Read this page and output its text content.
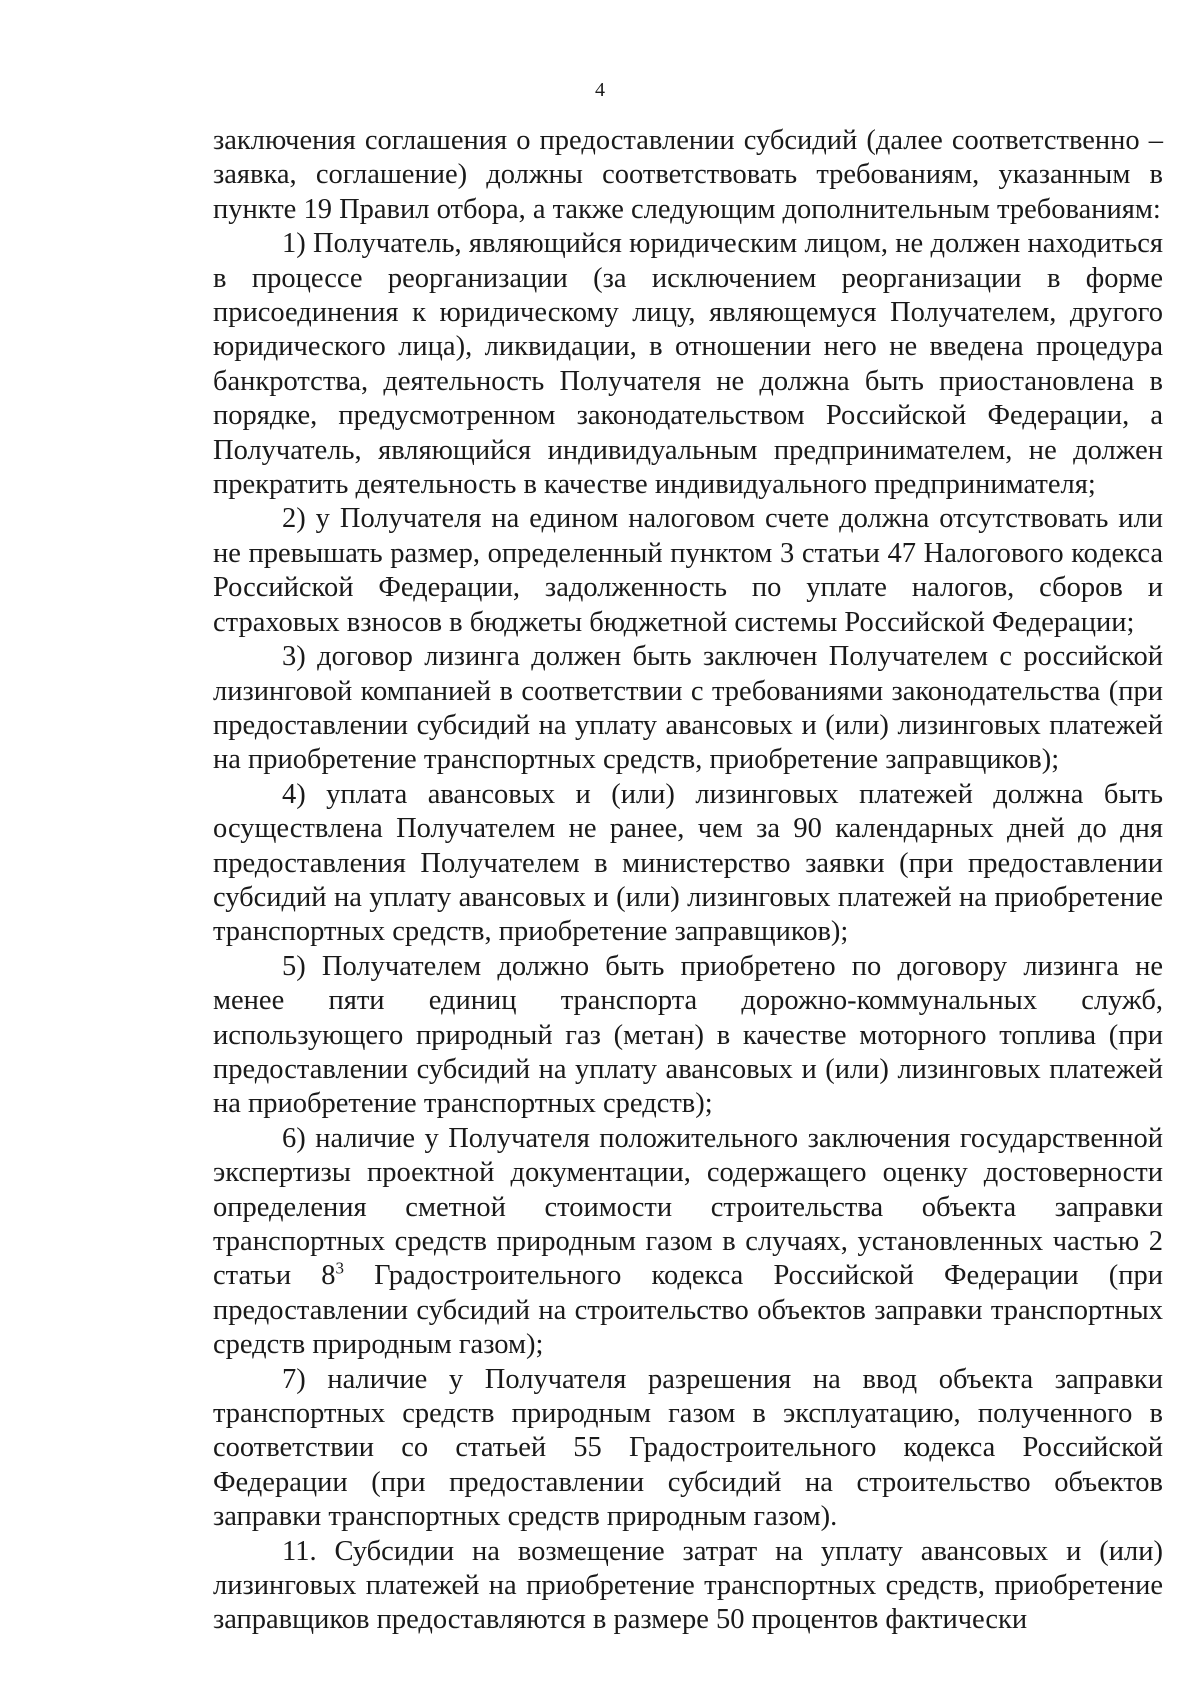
4

заключения соглашения о предоставлении субсидий (далее соответственно – заявка, соглашение) должны соответствовать требованиям, указанным в пункте 19 Правил отбора, а также следующим дополнительным требованиям:

1) Получатель, являющийся юридическим лицом, не должен находиться в процессе реорганизации (за исключением реорганизации в форме присоединения к юридическому лицу, являющемуся Получателем, другого юридического лица), ликвидации, в отношении него не введена процедура банкротства, деятельность Получателя не должна быть приостановлена в порядке, предусмотренном законодательством Российской Федерации, а Получатель, являющийся индивидуальным предпринимателем, не должен прекратить деятельность в качестве индивидуального предпринимателя;

2) у Получателя на едином налоговом счете должна отсутствовать или не превышать размер, определенный пунктом 3 статьи 47 Налогового кодекса Российской Федерации, задолженность по уплате налогов, сборов и страховых взносов в бюджеты бюджетной системы Российской Федерации;

3) договор лизинга должен быть заключен Получателем с российской лизинговой компанией в соответствии с требованиями законодательства (при предоставлении субсидий на уплату авансовых и (или) лизинговых платежей на приобретение транспортных средств, приобретение заправщиков);

4) уплата авансовых и (или) лизинговых платежей должна быть осуществлена Получателем не ранее, чем за 90 календарных дней до дня предоставления Получателем в министерство заявки (при предоставлении субсидий на уплату авансовых и (или) лизинговых платежей на приобретение транспортных средств, приобретение заправщиков);

5) Получателем должно быть приобретено по договору лизинга не менее пяти единиц транспорта дорожно-коммунальных служб, использующего природный газ (метан) в качестве моторного топлива (при предоставлении субсидий на уплату авансовых и (или) лизинговых платежей на приобретение транспортных средств);

6) наличие у Получателя положительного заключения государственной экспертизы проектной документации, содержащего оценку достоверности определения сметной стоимости строительства объекта заправки транспортных средств природным газом в случаях, установленных частью 2 статьи $8^3$ Градостроительного кодекса Российской Федерации (при предоставлении субсидий на строительство объектов заправки транспортных средств природным газом);

7) наличие у Получателя разрешения на ввод объекта заправки транспортных средств природным газом в эксплуатацию, полученного в соответствии со статьей 55 Градостроительного кодекса Российской Федерации (при предоставлении субсидий на строительство объектов заправки транспортных средств природным газом).

11. Субсидии на возмещение затрат на уплату авансовых и (или) лизинговых платежей на приобретение транспортных средств, приобретение заправщиков предоставляются в размере 50 процентов фактически
